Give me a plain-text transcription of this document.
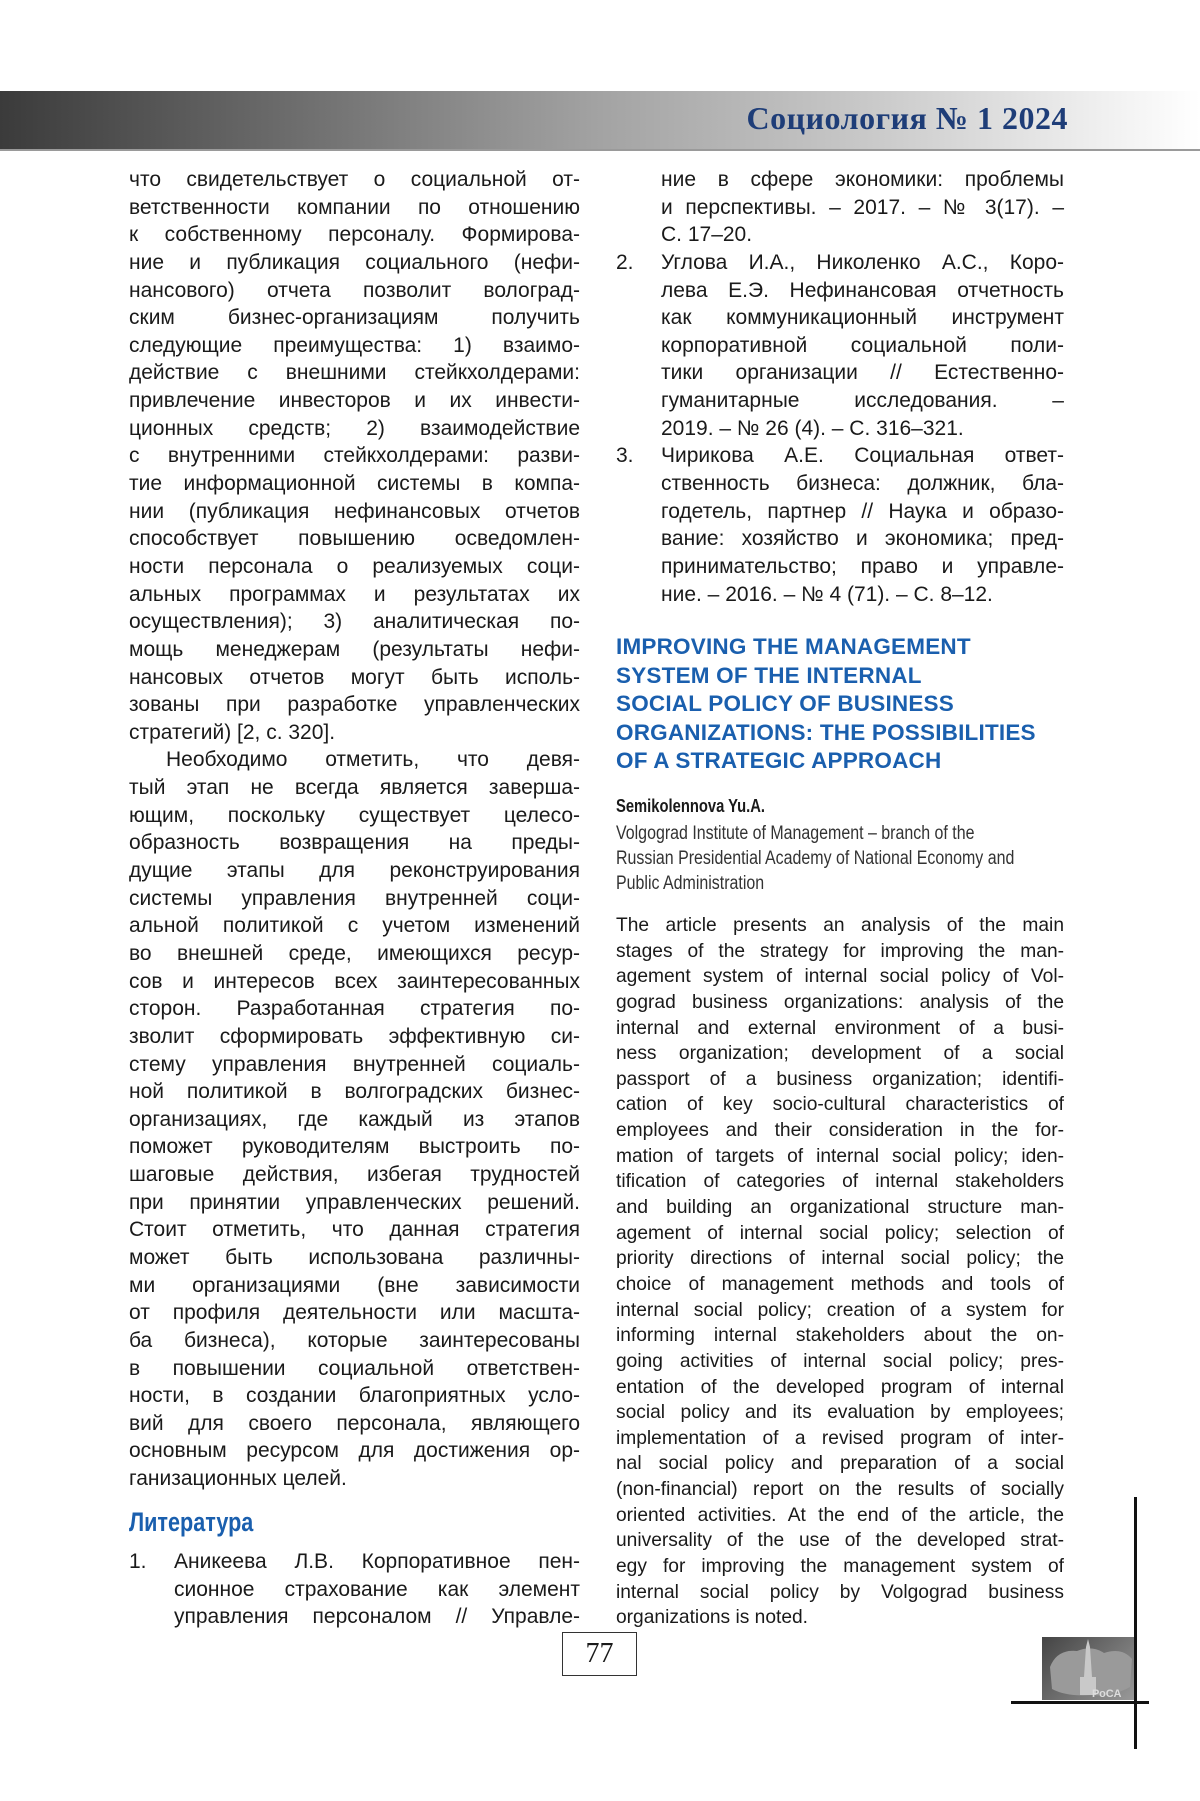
Социология № 1 2024
что свидетельствует о социальной от-
ветственности компании по отношению
к собственному персоналу. Формирова-
ние и публикация социального (нефи-
нансового) отчета позволит волоград-
ским бизнес-организациям получить
следующие преимущества: 1) взаимо-
действие с внешними стейкхолдерами:
привлечение инвесторов и их инвести-
ционных средств; 2) взаимодействие
с внутренними стейкхолдерами: разви-
тие информационной системы в компа-
нии (публикация нефинансовых отчетов
способствует повышению осведомлен-
ности персонала о реализуемых соци-
альных программах и результатах их
осуществления); 3) аналитическая по-
мощь менеджерам (результаты нефи-
нансовых отчетов могут быть исполь-
зованы при разработке управленческих
стратегий) [2, с. 320].
Необходимо отметить, что девя-
тый этап не всегда является заверша-
ющим, поскольку существует целесо-
образность возвращения на преды-
дущие этапы для реконструирования
системы управления внутренней соци-
альной политикой с учетом изменений
во внешней среде, имеющихся ресур-
сов и интересов всех заинтересованных
сторон. Разработанная стратегия по-
зволит сформировать эффективную си-
стему управления внутренней социаль-
ной политикой в волгоградских бизнес-
организациях, где каждый из этапов
поможет руководителям выстроить по-
шаговые действия, избегая трудностей
при принятии управленческих решений.
Стоит отметить, что данная стратегия
может быть использована различны-
ми организациями (вне зависимости
от профиля деятельности или масшта-
ба бизнеса), которые заинтересованы
в повышении социальной ответствен-
ности, в создании благоприятных усло-
вий для своего персонала, являющего
основным ресурсом для достижения ор-
ганизационных целей.
Литература
1. Аникеева Л.В. Корпоративное пен-
сионное страхование как элемент
управления персоналом // Управле-
ние в сфере экономики: проблемы
и перспективы. – 2017. – № 3(17). –
С. 17–20.
2. Углова И.А., Николенко А.С., Коро-
лева Е.Э. Нефинансовая отчетность
как коммуникационный инструмент
корпоративной социальной поли-
тики организации // Естественно-
гуманитарные исследования. –
2019. – № 26 (4). – С. 316–321.
3. Чирикова А.Е. Социальная ответ-
ственность бизнеса: должник, бла-
годетель, партнер // Наука и образо-
вание: хозяйство и экономика; пред-
принимательство; право и управле-
ние. – 2016. – № 4 (71). – С. 8–12.
IMPROVING THE MANAGEMENT
SYSTEM OF THE INTERNAL
SOCIAL POLICY OF BUSINESS
ORGANIZATIONS: THE POSSIBILITIES
OF A STRATEGIC APPROACH
Semikolennova Yu.A.
Volgograd Institute of Management – branch of the
Russian Presidential Academy of National Economy and
Public Administration
The article presents an analysis of the main
stages of the strategy for improving the man-
agement system of internal social policy of Vol-
gograd business organizations: analysis of the
internal and external environment of a busi-
ness organization; development of a social
passport of a business organization; identifi-
cation of key socio-cultural characteristics of
employees and their consideration in the for-
mation of targets of internal social policy; iden-
tification of categories of internal stakeholders
and building an organizational structure man-
agement of internal social policy; selection of
priority directions of internal social policy; the
choice of management methods and tools of
internal social policy; creation of a system for
informing internal stakeholders about the on-
going activities of internal social policy; pres-
entation of the developed program of internal
social policy and its evaluation by employees;
implementation of a revised program of inter-
nal social policy and preparation of a social
(non-financial) report on the results of socially
oriented activities. At the end of the article, the
universality of the use of the developed strat-
egy for improving the management system of
internal social policy by Volgograd business
organizations is noted.
77
РоСА
